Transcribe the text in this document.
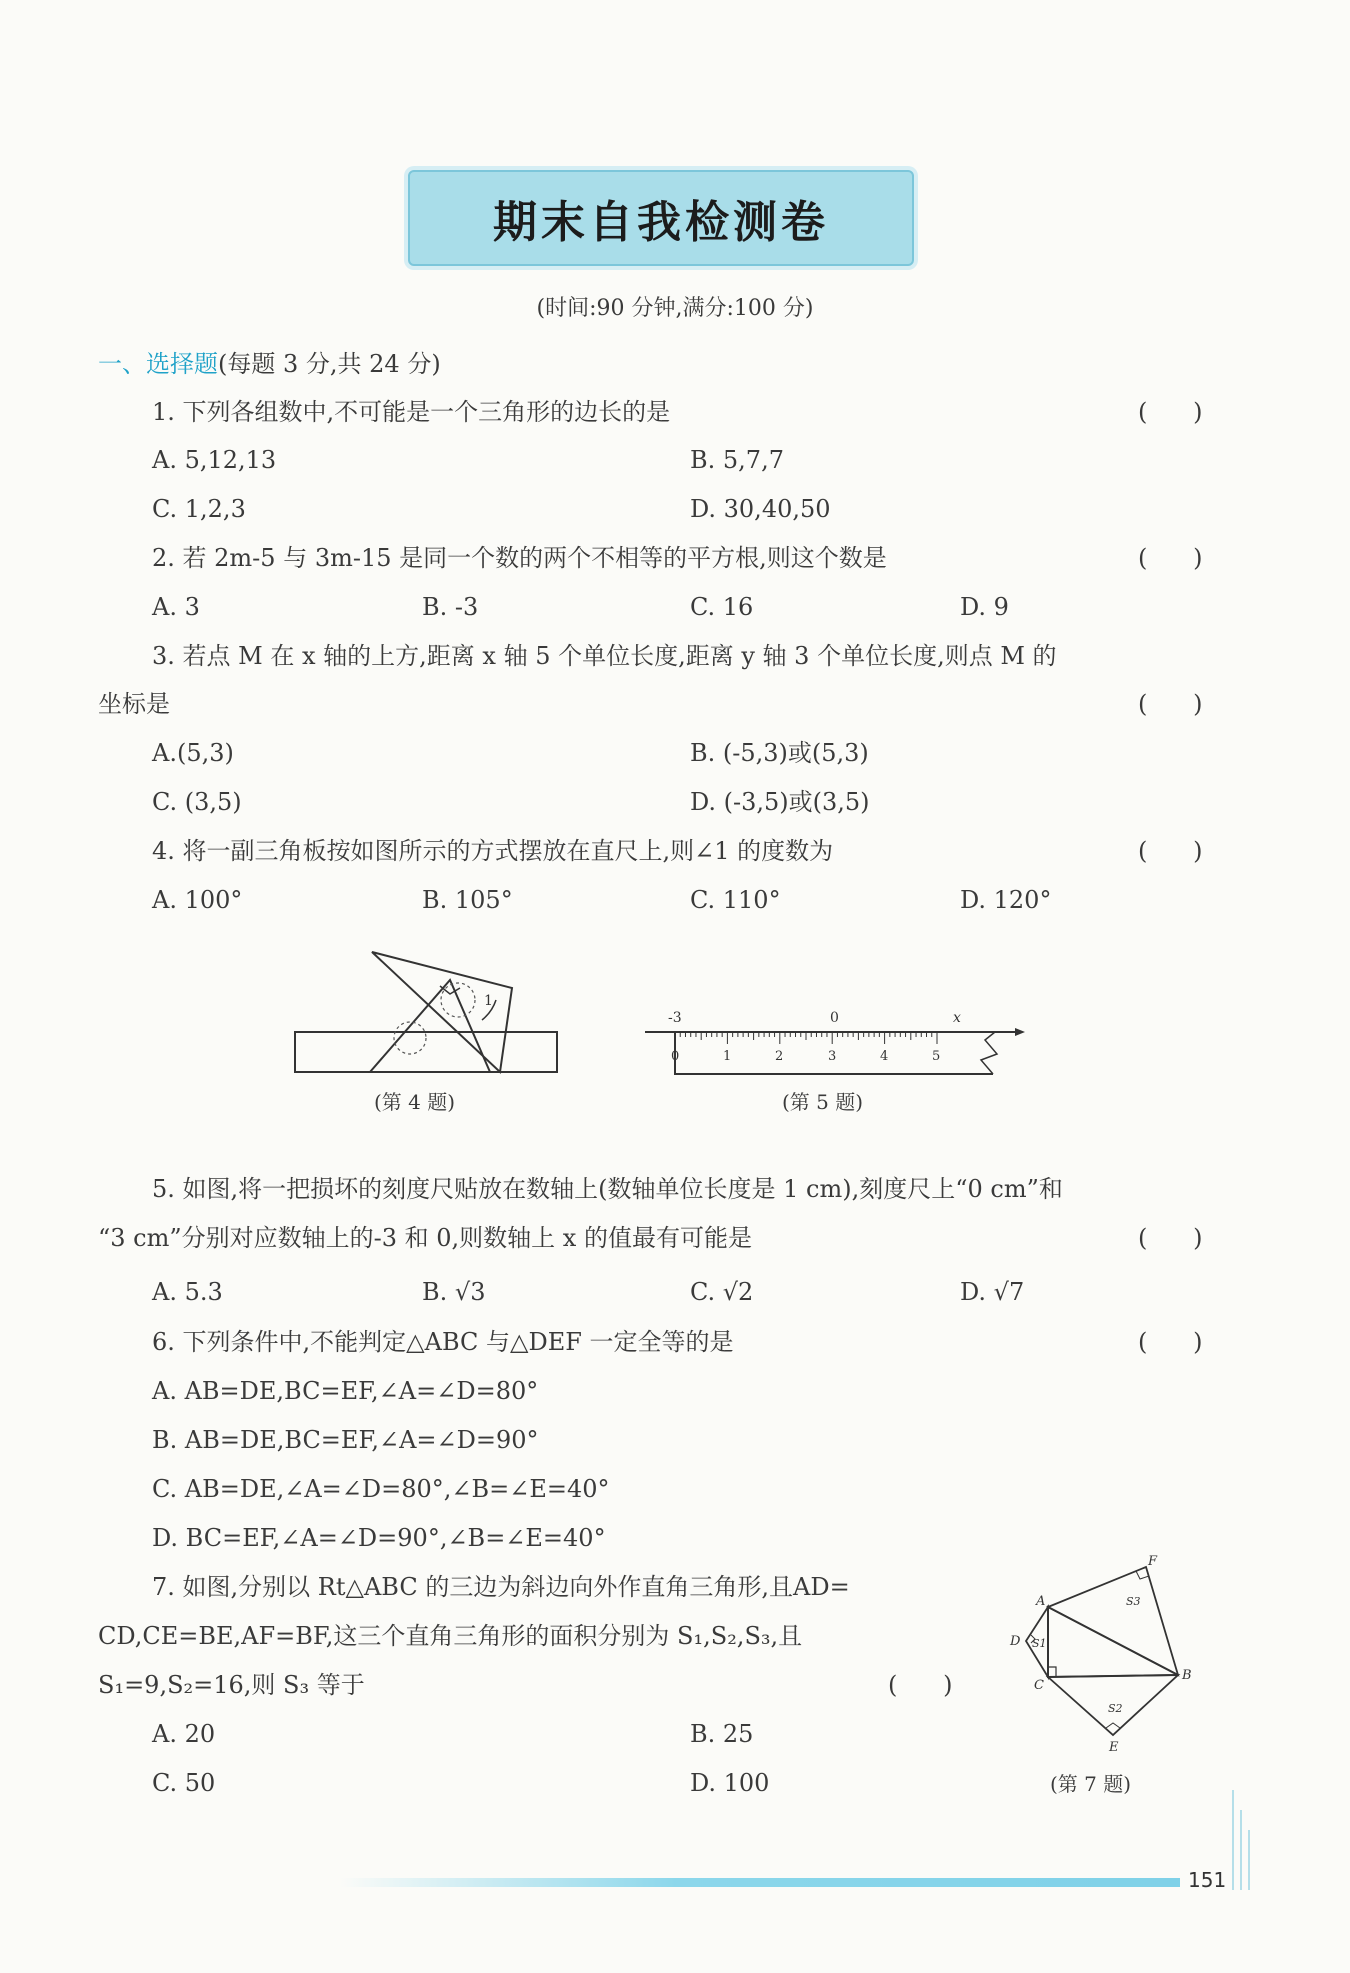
期末自我检测卷
(时间:90 分钟,满分:100 分)
一、选择题(每题 3 分,共 24 分)
1. 下列各组数中,不可能是一个三角形的边长的是	(      )
A. 5,12,13	B. 5,7,7
C. 1,2,3	D. 30,40,50
2. 若 2m-5 与 3m-15 是同一个数的两个不相等的平方根,则这个数是	(      )
A. 3	B. -3	C. 16	D. 9
3. 若点 M 在 x 轴的上方,距离 x 轴 5 个单位长度,距离 y 轴 3 个单位长度,则点 M 的
坐标是	(      )
A.(5,3)	B. (-5,3)或(5,3)
C. (3,5)	D. (-3,5)或(3,5)
4. 将一副三角板按如图所示的方式摆放在直尺上,则∠1 的度数为	(      )
A. 100°	B. 105°	C. 110°	D. 120°
1
(第 4 题)
-3	0	x
0	1	2	3	4	5
(第 5 题)
5. 如图,将一把损坏的刻度尺贴放在数轴上(数轴单位长度是 1 cm),刻度尺上“0 cm”和
“3 cm”分别对应数轴上的-3 和 0,则数轴上 x 的值最有可能是	(      )
A. 5.3	B. √3	C. √2	D. √7
6. 下列条件中,不能判定△ABC 与△DEF 一定全等的是	(      )
A. AB=DE,BC=EF,∠A=∠D=80°
B. AB=DE,BC=EF,∠A=∠D=90°
C. AB=DE,∠A=∠D=80°,∠B=∠E=40°
D. BC=EF,∠A=∠D=90°,∠B=∠E=40°
7. 如图,分别以 Rt△ABC 的三边为斜边向外作直角三角形,且AD=
CD,CE=BE,AF=BF,这三个直角三角形的面积分别为 S₁,S₂,S₃,且
S₁=9,S₂=16,则 S₃ 等于	(      )
A. 20	B. 25
C. 50	D. 100
A
B
C
D
E
F
S1
S2
S3
(第 7 题)
151
